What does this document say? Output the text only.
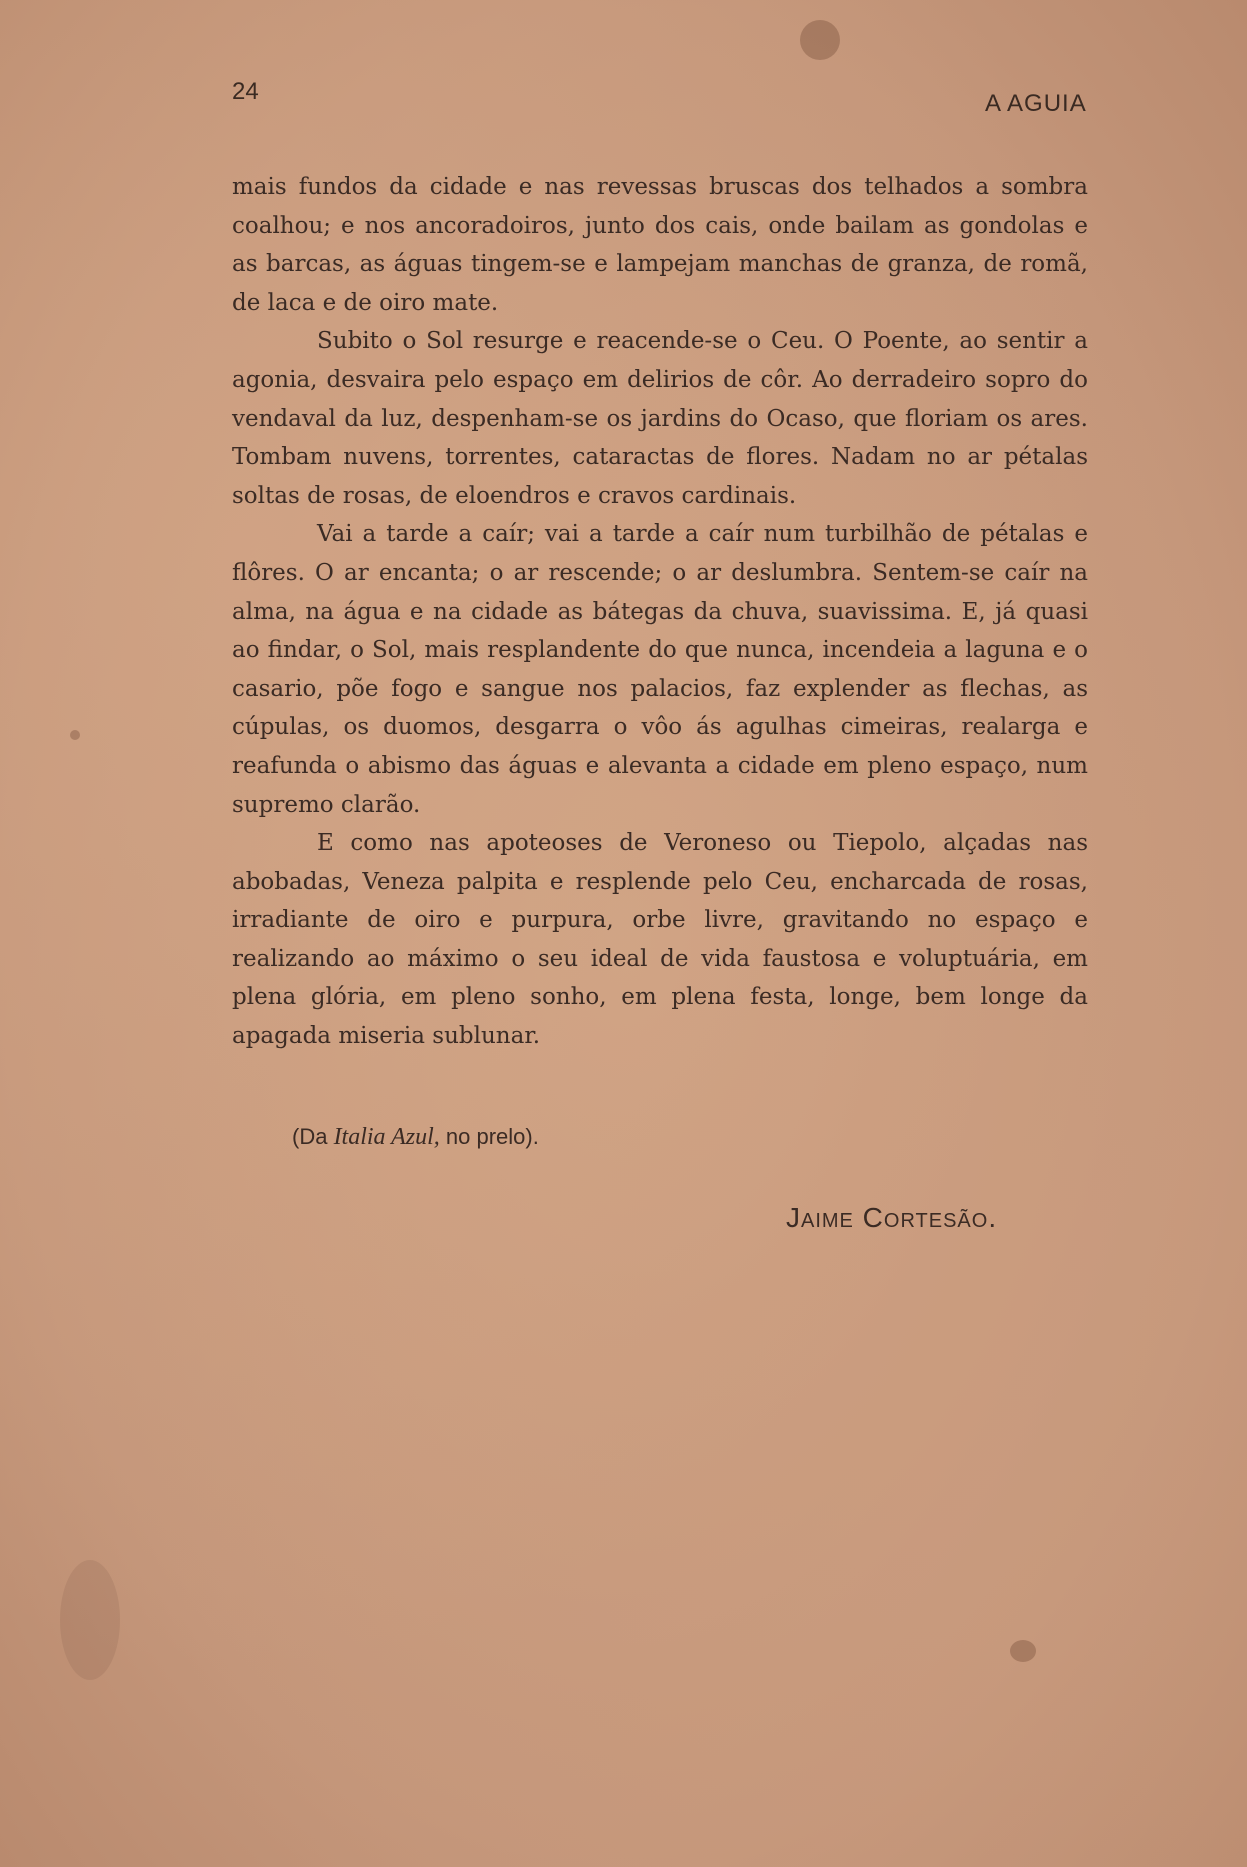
24	A AGUIA

mais fundos da cidade e nas revessas bruscas dos telhados a sombra coalhou; e nos ancoradoiros, junto dos cais, onde bailam as gondolas e as barcas, as águas tingem-se e lampejam manchas de granza, de romã, de laca e de oiro mate.

Subito o Sol resurge e reacende-se o Ceu. O Poente, ao sentir a agonia, desvaira pelo espaço em delirios de côr. Ao derradeiro sopro do vendaval da luz, despenham-se os jardins do Ocaso, que floriam os ares. Tombam nuvens, torrentes, cataractas de flores. Nadam no ar pétalas soltas de rosas, de eloendros e cravos cardinais.

Vai a tarde a caír; vai a tarde a caír num turbilhão de pétalas e flôres. O ar encanta; o ar rescende; o ar deslumbra. Sentem-se caír na alma, na água e na cidade as bátegas da chuva, suavissima. E, já quasi ao findar, o Sol, mais resplandente do que nunca, incendeia a laguna e o casario, põe fogo e sangue nos palacios, faz explender as flechas, as cúpulas, os duomos, desgarra o vôo ás agulhas cimeiras, realarga e reafunda o abismo das águas e alevanta a cidade em pleno espaço, num supremo clarão.

E como nas apoteoses de Veroneso ou Tiepolo, alçadas nas abobadas, Veneza palpita e resplende pelo Ceu, encharcada de rosas, irradiante de oiro e purpura, orbe livre, gravitando no espaço e realizando ao máximo o seu ideal de vida faustosa e voluptuária, em plena glória, em pleno sonho, em plena festa, longe, bem longe da apagada miseria sublunar.

(Da Italia Azul, no prelo).
Jaime Cortesão.
